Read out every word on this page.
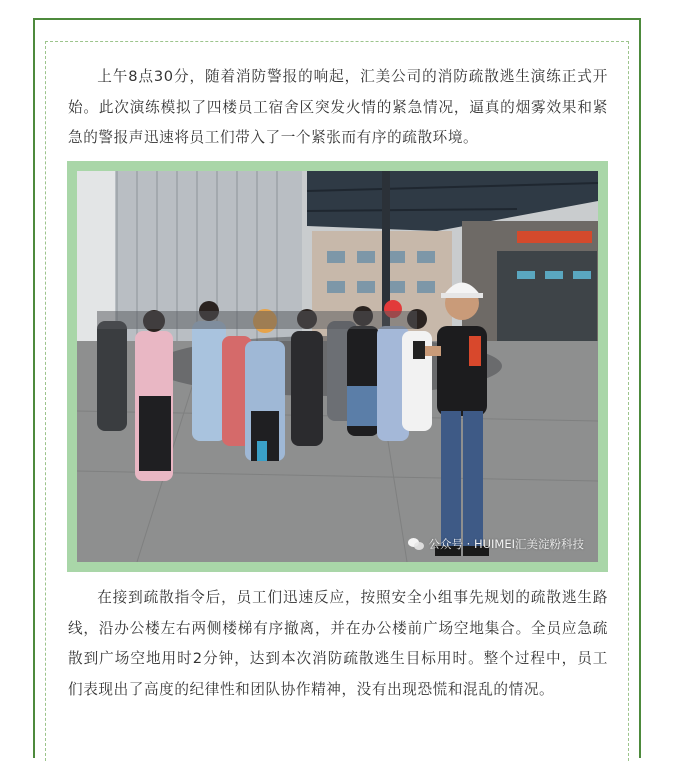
上午8点30分，随着消防警报的响起，汇美公司的消防疏散逃生演练正式开始。此次演练模拟了四楼员工宿舍区突发火情的紧急情况，逼真的烟雾效果和紧急的警报声迅速将员工们带入了一个紧张而有序的疏散环境。

公众号 · HUIMEI汇美淀粉科技

在接到疏散指令后，员工们迅速反应，按照安全小组事先规划的疏散逃生路线，沿办公楼左右两侧楼梯有序撤离，并在办公楼前广场空地集合。全员应急疏散到广场空地用时2分钟，达到本次消防疏散逃生目标用时。整个过程中，员工们表现出了高度的纪律性和团队协作精神，没有出现恐慌和混乱的情况。
